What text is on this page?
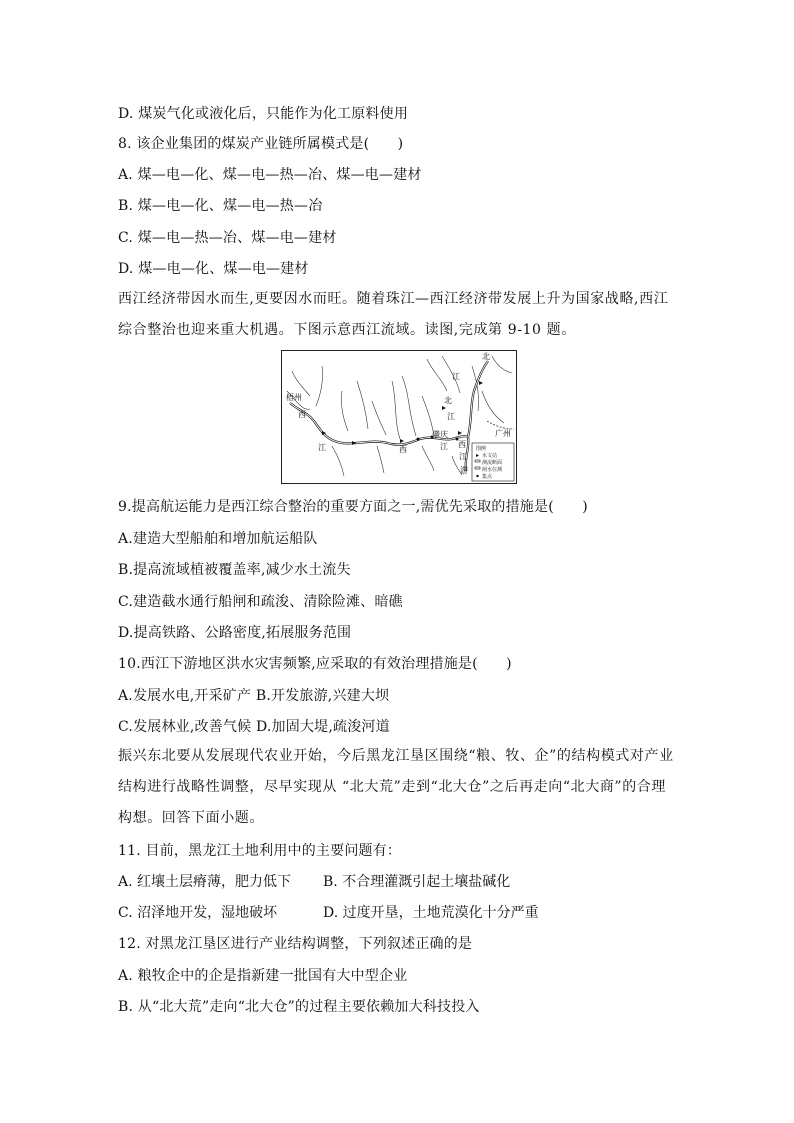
D. 煤炭气化或液化后，只能作为化工原料使用
8. 该企业集团的煤炭产业链所属模式是(　　)
A. 煤—电—化、煤—电—热—冶、煤—电—建材
B. 煤—电—化、煤—电—热—冶
C. 煤—电—热—冶、煤—电—建材
D. 煤—电—化、煤—电—建材
西江经济带因水而生,更要因水而旺。随着珠江—西江经济带发展上升为国家战略,西江综合整治也迎来重大机遇。下图示意西江流域。读图,完成第 9-10 题。
梧州
西
江
肇庆
西	江
北
江
北
江
广州
西
江
游
图例
水文站
测流断面
闸水位测
集点
9.提高航运能力是西江综合整治的重要方面之一,需优先采取的措施是(　　)
A.建造大型船舶和增加航运船队
B.提高流域植被覆盖率,减少水土流失
C.建造截水通行船闸和疏浚、清除险滩、暗礁
D.提高铁路、公路密度,拓展服务范围
10.西江下游地区洪水灾害频繁,应采取的有效治理措施是(　　)
A.发展水电,开采矿产 B.开发旅游,兴建大坝
C.发展林业,改善气候 D.加固大堤,疏浚河道
振兴东北要从发展现代农业开始，今后黑龙江垦区围绕“粮、牧、企”的结构模式对产业结构进行战略性调整，尽早实现从 “北大荒”走到“北大仓”之后再走向“北大商”的合理构想。回答下面小题。
11. 目前，黑龙江土地利用中的主要问题有：
A. 红壤土层瘠薄，肥力低下 B. 不合理灌溉引起土壤盐碱化
C. 沼泽地开发，湿地破坏	D. 过度开垦，土地荒漠化十分严重
12. 对黑龙江垦区进行产业结构调整，下列叙述正确的是
A. 粮牧企中的企是指新建一批国有大中型企业
B. 从“北大荒”走向“北大仓”的过程主要依赖加大科技投入
